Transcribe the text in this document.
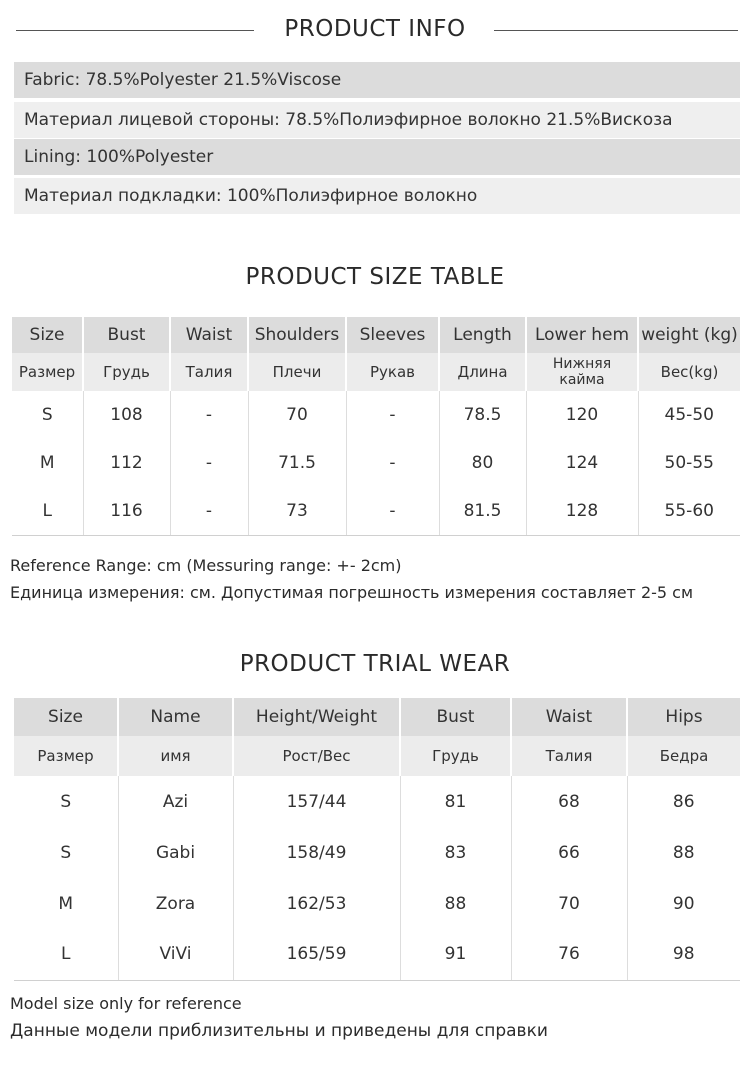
PRODUCT INFO
Fabric: 78.5%Polyester 21.5%Viscose
Материал лицевой стороны: 78.5%Полиэфирное волокно 21.5%Вискоза
Lining: 100%Polyester
Материал подкладки: 100%Полиэфирное волокно
PRODUCT SIZE TABLE
Size	Bust	Waist	Shoulders	Sleeves	Length	Lower hem	weight (kg)
Размер	Грудь	Талия	Плечи	Рукав	Длина	Нижняя кайма	Вес(kg)
S	108	-	70	-	78.5	120	45-50
M	112	-	71.5	-	80	124	50-55
L	116	-	73	-	81.5	128	55-60
Reference Range: cm (Messuring range: +- 2cm)
Единица измерения: см. Допустимая погрешность измерения составляет 2-5 см
PRODUCT TRIAL WEAR
Size	Name	Height/Weight	Bust	Waist	Hips
Размер	имя	Рост/Вес	Грудь	Талия	Бедра
S	Azi	157/44	81	68	86
S	Gabi	158/49	83	66	88
M	Zora	162/53	88	70	90
L	ViVi	165/59	91	76	98
Model size only for reference
Данные модели приблизительны и приведены для справки
